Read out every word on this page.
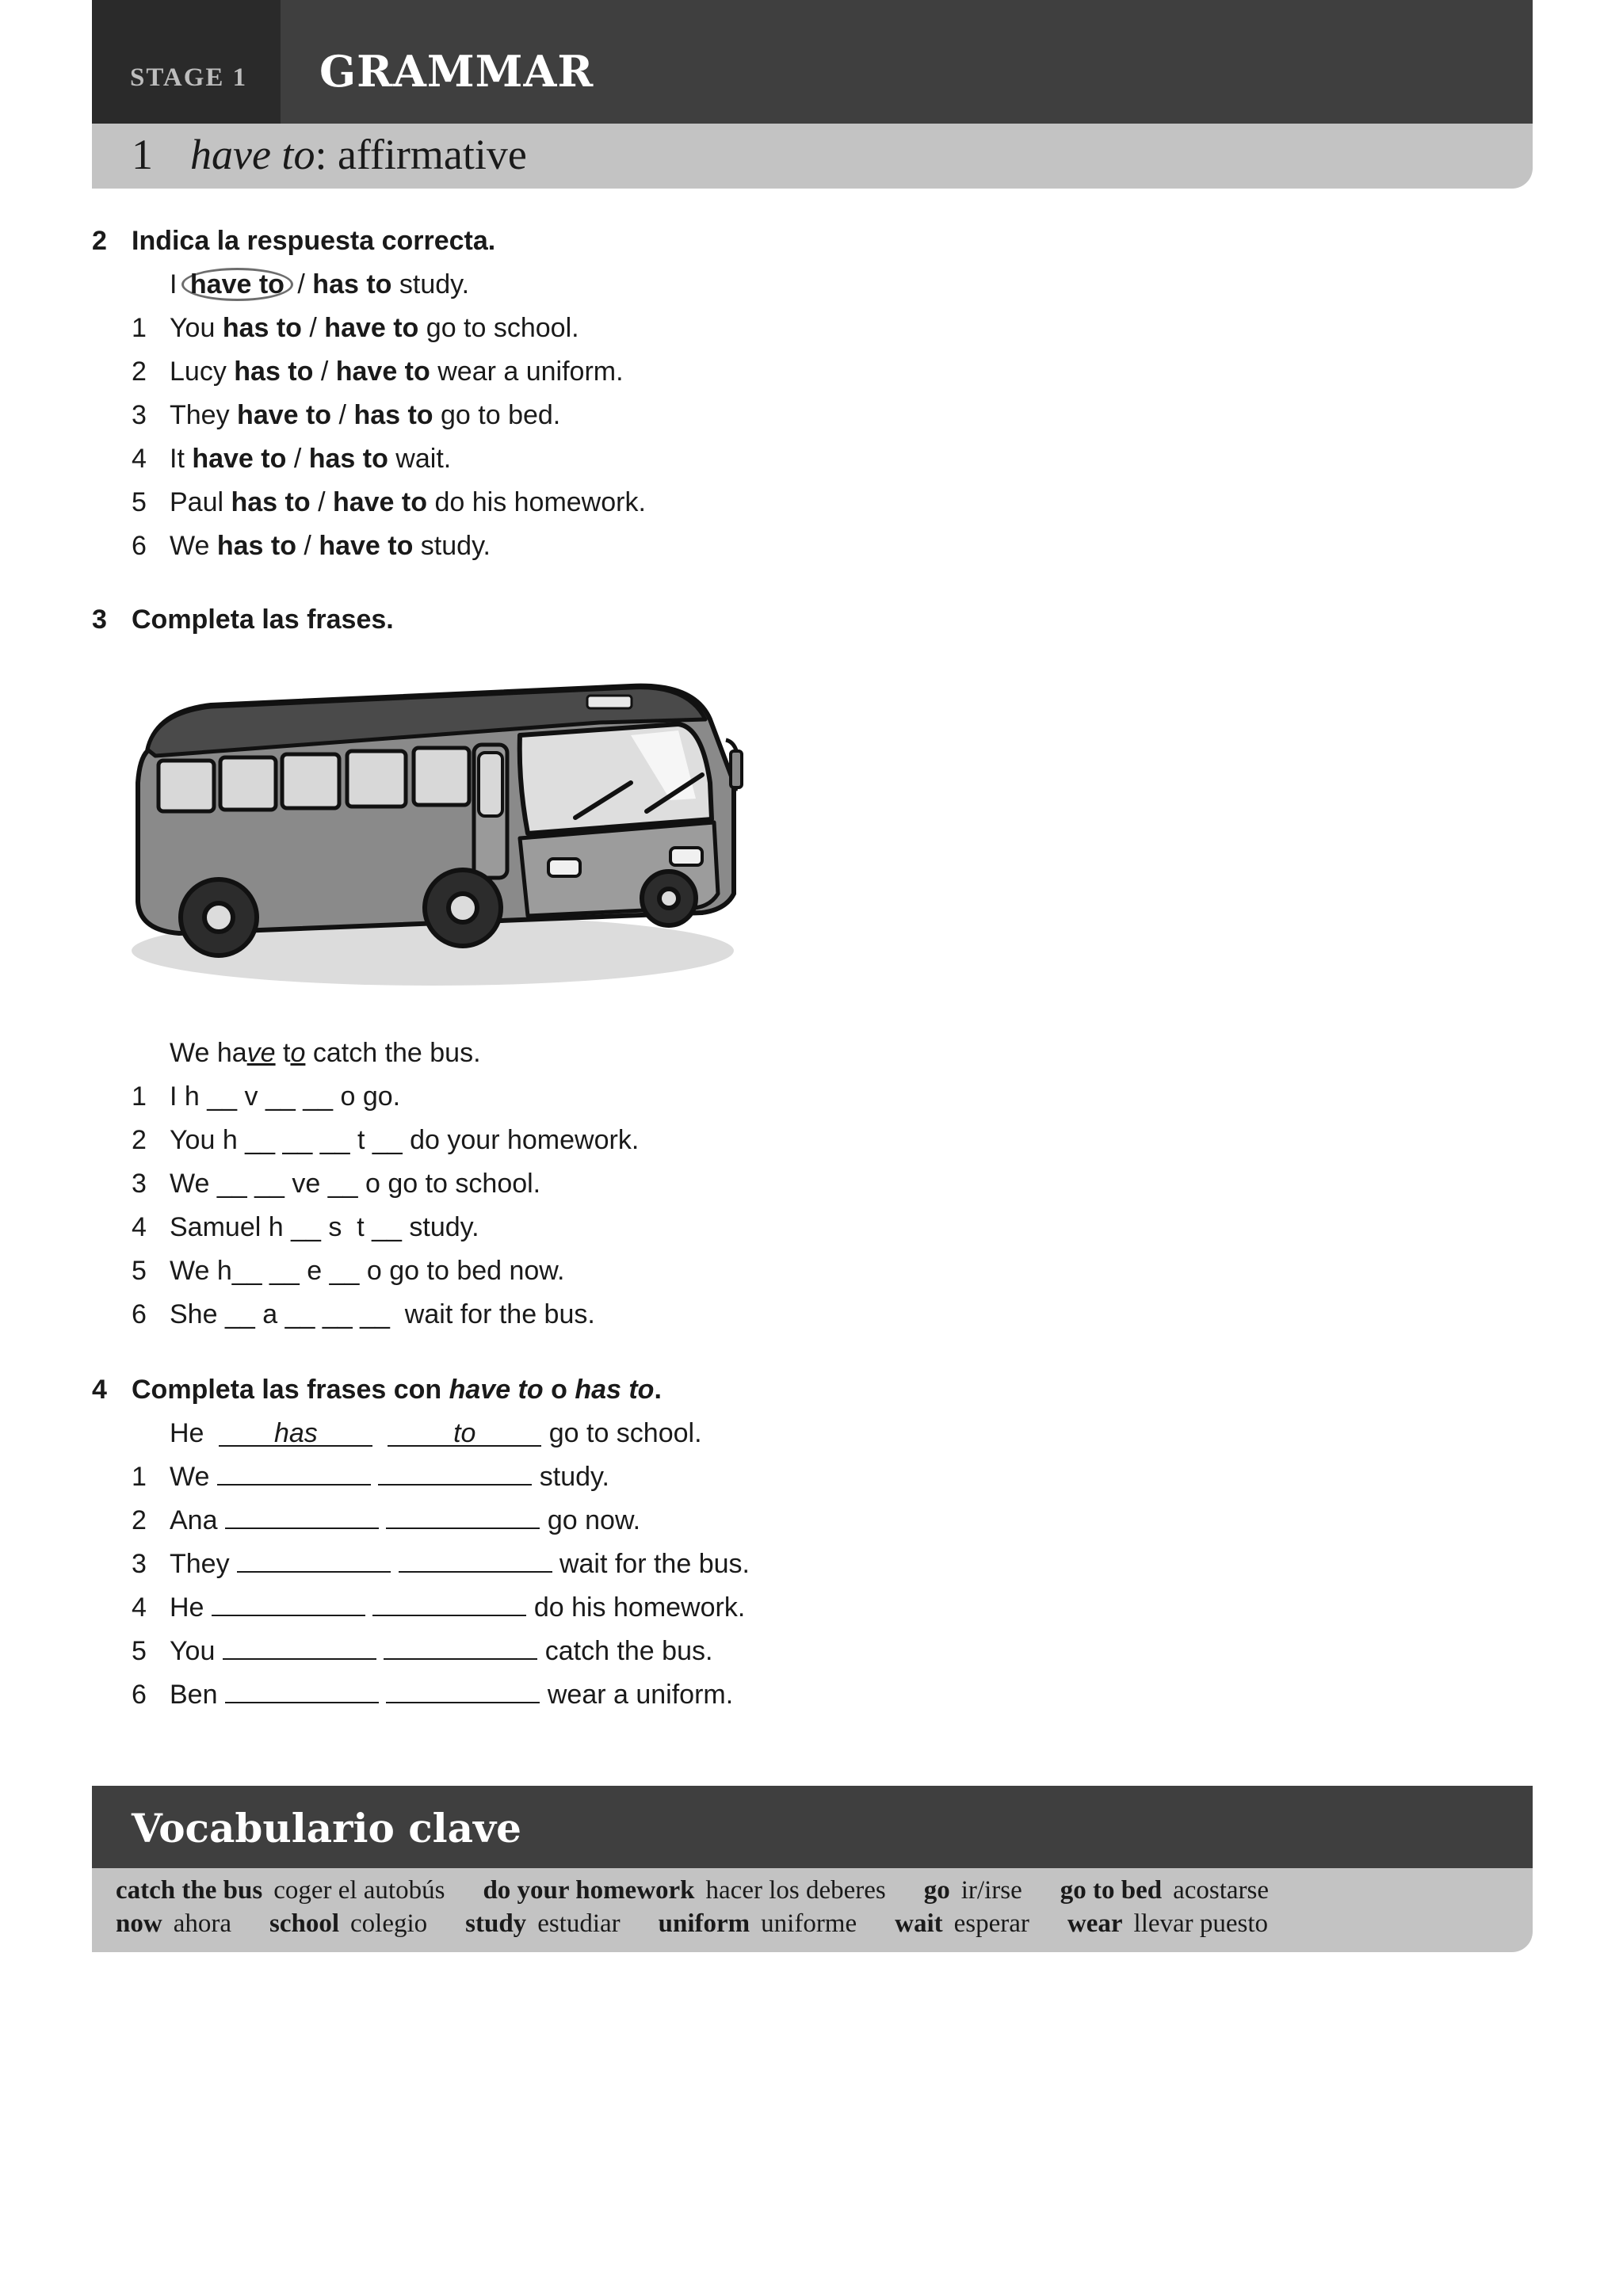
STAGE 1 GRAMMAR
1 have to: affirmative
2 Indica la respuesta correcta.
I have to / has to study.
1 You has to / have to go to school.
2 Lucy has to / have to wear a uniform.
3 They have to / has to go to bed.
4 It have to / has to wait.
5 Paul has to / have to do his homework.
6 We has to / have to study.
3 Completa las frases.
We have to catch the bus.
1 I h __ v __ __ o go.
2 You h __ __ __ t __ do your homework.
3 We __ __ ve __ o go to school.
4 Samuel h __ s  t __ study.
5 We h__ __ e __ o go to bed now.
6 She __ a __ __ __  wait for the bus.
4 Completa las frases con have to o has to.
He	has	to	go to school.
1 We	study.
2 Ana	go now.
3 They	wait for the bus.
4 He	do his homework.
5 You	catch the bus.
6 Ben	wear a uniform.
Vocabulario clave
catch the bus coger el autobús do your homework hacer los deberes go ir/irse go to bed acostarse
now ahora school colegio study estudiar uniform uniforme wait esperar wear llevar puesto
